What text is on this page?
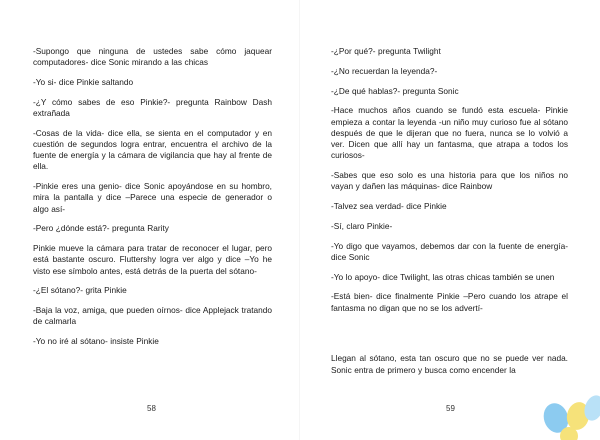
-Supongo que ninguna de ustedes sabe cómo jaquear computadores- dice Sonic mirando a las chicas

-Yo si- dice Pinkie saltando

-¿Y cómo sabes de eso Pinkie?- pregunta Rainbow Dash extrañada

-Cosas de la vida- dice ella, se sienta en el computador y en cuestión de segundos logra entrar, encuentra el archivo de la fuente de energía y la cámara de vigilancia que hay al frente de ella.

-Pinkie eres una genio- dice Sonic apoyándose en su hombro, mira la pantalla y dice –Parece una especie de generador o algo así-

-Pero ¿dónde está?- pregunta Rarity

Pinkie mueve la cámara para tratar de reconocer el lugar, pero está bastante oscuro. Fluttershy logra ver algo y dice –Yo he visto ese símbolo antes, está detrás de la puerta del sótano-

-¿El sótano?- grita Pinkie

-Baja la voz, amiga, que pueden oírnos- dice Applejack tratando de calmarla

-Yo no iré al sótano- insiste Pinkie

58

-¿Por qué?- pregunta Twilight

-¿No recuerdan la leyenda?-

-¿De qué hablas?- pregunta Sonic

-Hace muchos años cuando se fundó esta escuela- Pinkie empieza a contar la leyenda -un niño muy curioso fue al sótano después de que le dijeran que no fuera, nunca se lo volvió a ver. Dicen que allí hay un fantasma, que atrapa a todos los curiosos-

-Sabes que eso solo es una historia para que los niños no vayan y dañen las máquinas- dice Rainbow

-Talvez sea verdad- dice Pinkie

-Sí, claro Pinkie-

-Yo digo que vayamos, debemos dar con la fuente de energía- dice Sonic

-Yo lo apoyo- dice Twilight, las otras chicas también se unen

-Está bien- dice finalmente Pinkie –Pero cuando los atrape el fantasma no digan que no se los advertí-

Llegan al sótano, esta tan oscuro que no se puede ver nada. Sonic entra de primero y busca como encender la

59
